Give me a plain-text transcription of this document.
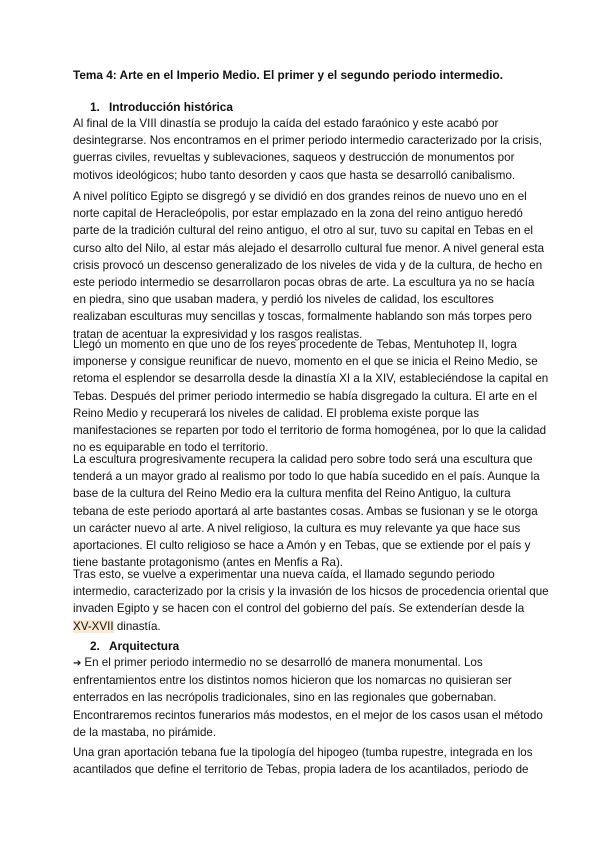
Tema 4: Arte en el Imperio Medio. El primer y el segundo periodo intermedio.
1. Introducción histórica

Al final de la VIII dinastía se produjo la caída del estado faraónico y este acabó por
desintegrarse. Nos encontramos en el primer periodo intermedio caracterizado por la crisis,
guerras civiles, revueltas y sublevaciones, saqueos y destrucción de monumentos por
motivos ideológicos; hubo tanto desorden y caos que hasta se desarrolló canibalismo.

A nivel político Egipto se disgregó y se dividió en dos grandes reinos de nuevo uno en el
norte capital de Heracleópolis, por estar emplazado en la zona del reino antiguo heredó
parte de la tradición cultural del reino antiguo, el otro al sur, tuvo su capital en Tebas en el
curso alto del Nilo, al estar más alejado el desarrollo cultural fue menor. A nivel general esta
crisis provocó un descenso generalizado de los niveles de vida y de la cultura, de hecho en
este periodo intermedio se desarrollaron pocas obras de arte. La escultura ya no se hacía
en piedra, sino que usaban madera, y perdió los niveles de calidad, los escultores
realizaban esculturas muy sencillas y toscas, formalmente hablando son más torpes pero
tratan de acentuar la expresividad y los rasgos realistas.

Llegó un momento en que uno de los reyes procedente de Tebas, Mentuhotep II, logra
imponerse y consigue reunificar de nuevo, momento en el que se inicia el Reino Medio, se
retoma el esplendor se desarrolla desde la dinastía XI a la XIV, estableciéndose la capital en
Tebas. Después del primer periodo intermedio se había disgregado la cultura. El arte en el
Reino Medio y recuperará los niveles de calidad. El problema existe porque las
manifestaciones se reparten por todo el territorio de forma homogénea, por lo que la calidad
no es equiparable en todo el territorio.

La escultura progresivamente recupera la calidad pero sobre todo será una escultura que
tenderá a un mayor grado al realismo por todo lo que había sucedido en el país. Aunque la
base de la cultura del Reino Medio era la cultura menfita del Reino Antiguo, la cultura
tebana de este periodo aportará al arte bastantes cosas. Ambas se fusionan y se le otorga
un carácter nuevo al arte. A nivel religioso, la cultura es muy relevante ya que hace sus
aportaciones. El culto religioso se hace a Amón y en Tebas, que se extiende por el país y
tiene bastante protagonismo (antes en Menfis a Ra).

Tras esto, se vuelve a experimentar una nueva caída, el llamado segundo periodo
intermedio, caracterizado por la crisis y la invasión de los hicsos de procedencia oriental que
invaden Egipto y se hacen con el control del gobierno del país. Se extenderían desde la
XV-XVII dinastía.

2. Arquitectura

➔ En el primer periodo intermedio no se desarrolló de manera monumental. Los
enfrentamientos entre los distintos nomos hicieron que los nomarcas no quisieran ser
enterrados en las necrópolis tradicionales, sino en las regionales que gobernaban.
Encontraremos recintos funerarios más modestos, en el mejor de los casos usan el método
de la mastaba, no pirámide.

Una gran aportación tebana fue la tipología del hipogeo (tumba rupestre, integrada en los
acantilados que define el territorio de Tebas, propia ladera de los acantilados, periodo de
